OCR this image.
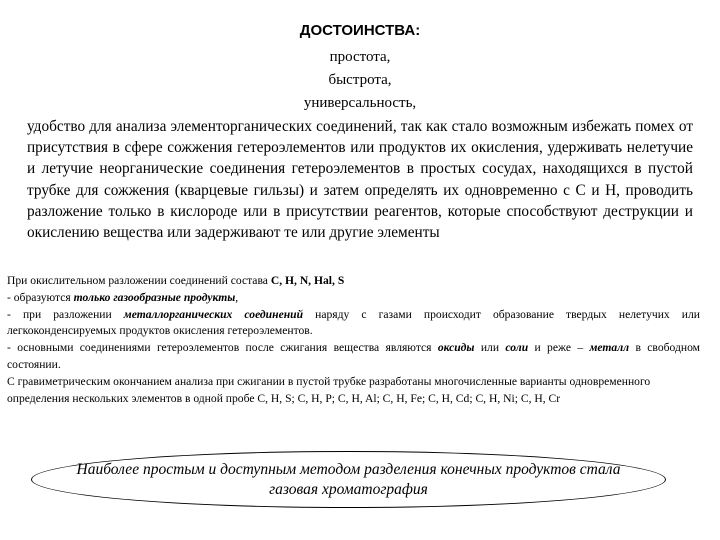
ДОСТОИНСТВА:
простота,
быстрота,
универсальность,
удобство для анализа элементорганических соединений, так как стало возможным избежать помех от присутствия в сфере сожжения гетероэлементов или продуктов их окисления, удерживать нелетучие и летучие неорганические соединения гетероэлементов в простых сосудах, находящихся в пустой трубке для сожжения (кварцевые гильзы) и затем определять их одновременно с С и Н, проводить разложение только в кислороде или в присутствии реагентов, которые способствуют деструкции и окислению вещества или задерживают те или другие элементы

При окислительном разложении соединений состава C, H, N, Hal, S

- образуются только газообразные продукты,

- при разложении металлорганических соединений наряду с газами происходит образование твердых нелетучих или легкоконденсируемых продуктов окисления гетероэлементов.

- основными соединениями гетероэлементов после сжигания вещества являются оксиды или соли и реже – металл в свободном состоянии.

С гравиметрическим окончанием анализа при сжигании в пустой трубке разработаны многочисленные варианты одновременного определения нескольких элементов в одной пробе С, Н, S; C, H, P; C, H, Al; C, H, Fe; C, H, Cd; C, H, Ni; C, H, Cr

Наиболее простым и доступным методом разделения конечных продуктов стала газовая хроматография
